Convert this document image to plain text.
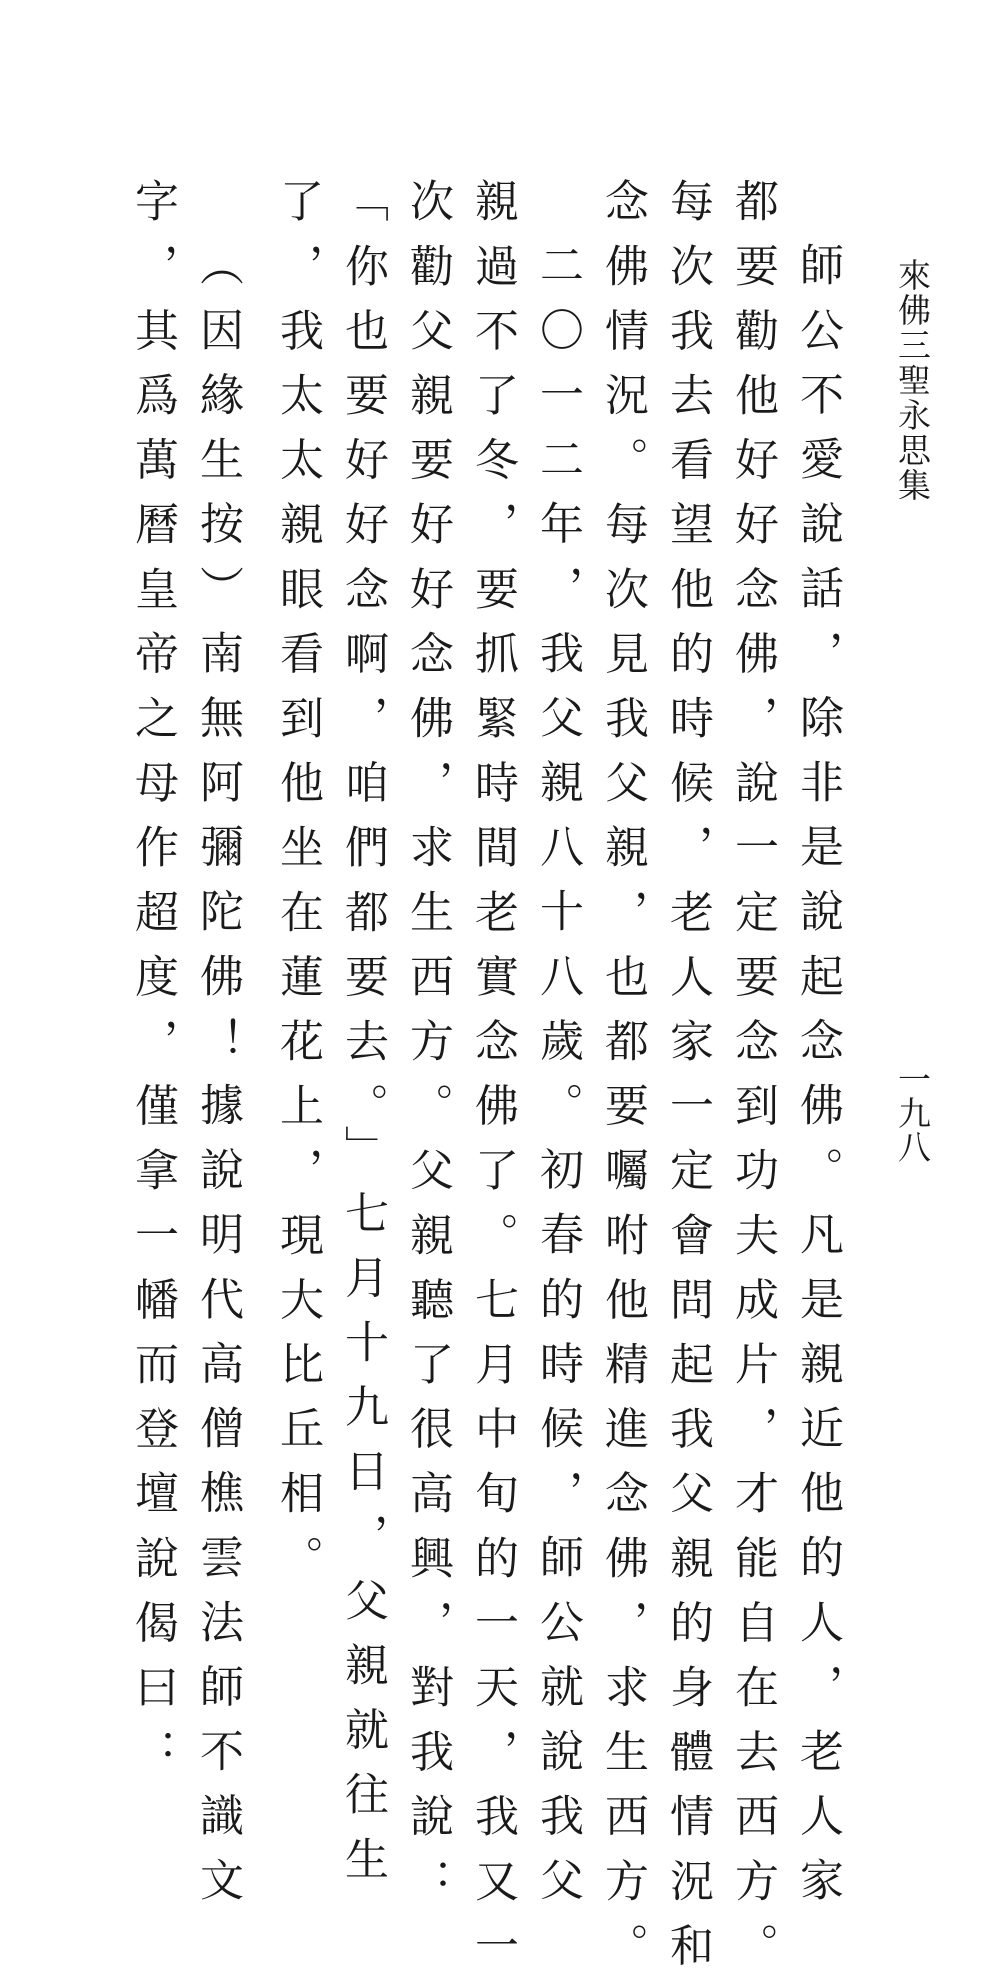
來佛三聖永思集
一九八
師公不愛說話，除非是說起念佛。凡是親近他的人，老人家
都要勸他好好念佛，說一定要念到功夫成片，才能自在去西方。
每次我去看望他的時候，老人家一定會問起我父親的身體情況和
念佛情況。每次見我父親，也都要囑咐他精進念佛，求生西方。
二〇一二年，我父親八十八歲。初春的時候，師公就說我父
親過不了冬，要抓緊時間老實念佛了。七月中旬的一天，我又一
次勸父親要好好念佛，求生西方。父親聽了很高興，對我說：
「你也要好好念啊，咱們都要去。」七月十九日，父親就往生
了，我太太親眼看到他坐在蓮花上，現大比丘相。
（因緣生按）南無阿彌陀佛！據說明代高僧樵雲法師不識文
字，其爲萬曆皇帝之母作超度，僅拿一幡而登壇說偈曰：
